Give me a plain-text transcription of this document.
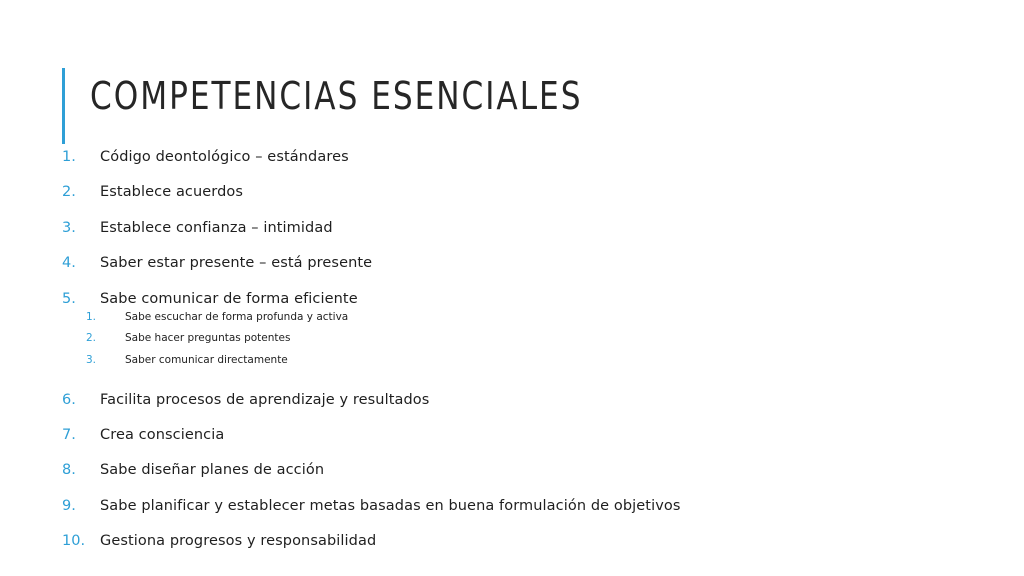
COMPETENCIAS ESENCIALES
1. Código deontológico – estándares
2. Establece acuerdos
3. Establece confianza – intimidad
4. Saber estar presente – está presente
5. Sabe comunicar de forma eficiente
1.	Sabe escuchar de forma profunda y activa
2.	Sabe hacer preguntas potentes
3.	Saber comunicar directamente
6. Facilita procesos de aprendizaje y resultados
7. Crea consciencia
8. Sabe diseñar planes de acción
9. Sabe planificar y establecer metas basadas en buena formulación de objetivos
10. Gestiona progresos y responsabilidad
